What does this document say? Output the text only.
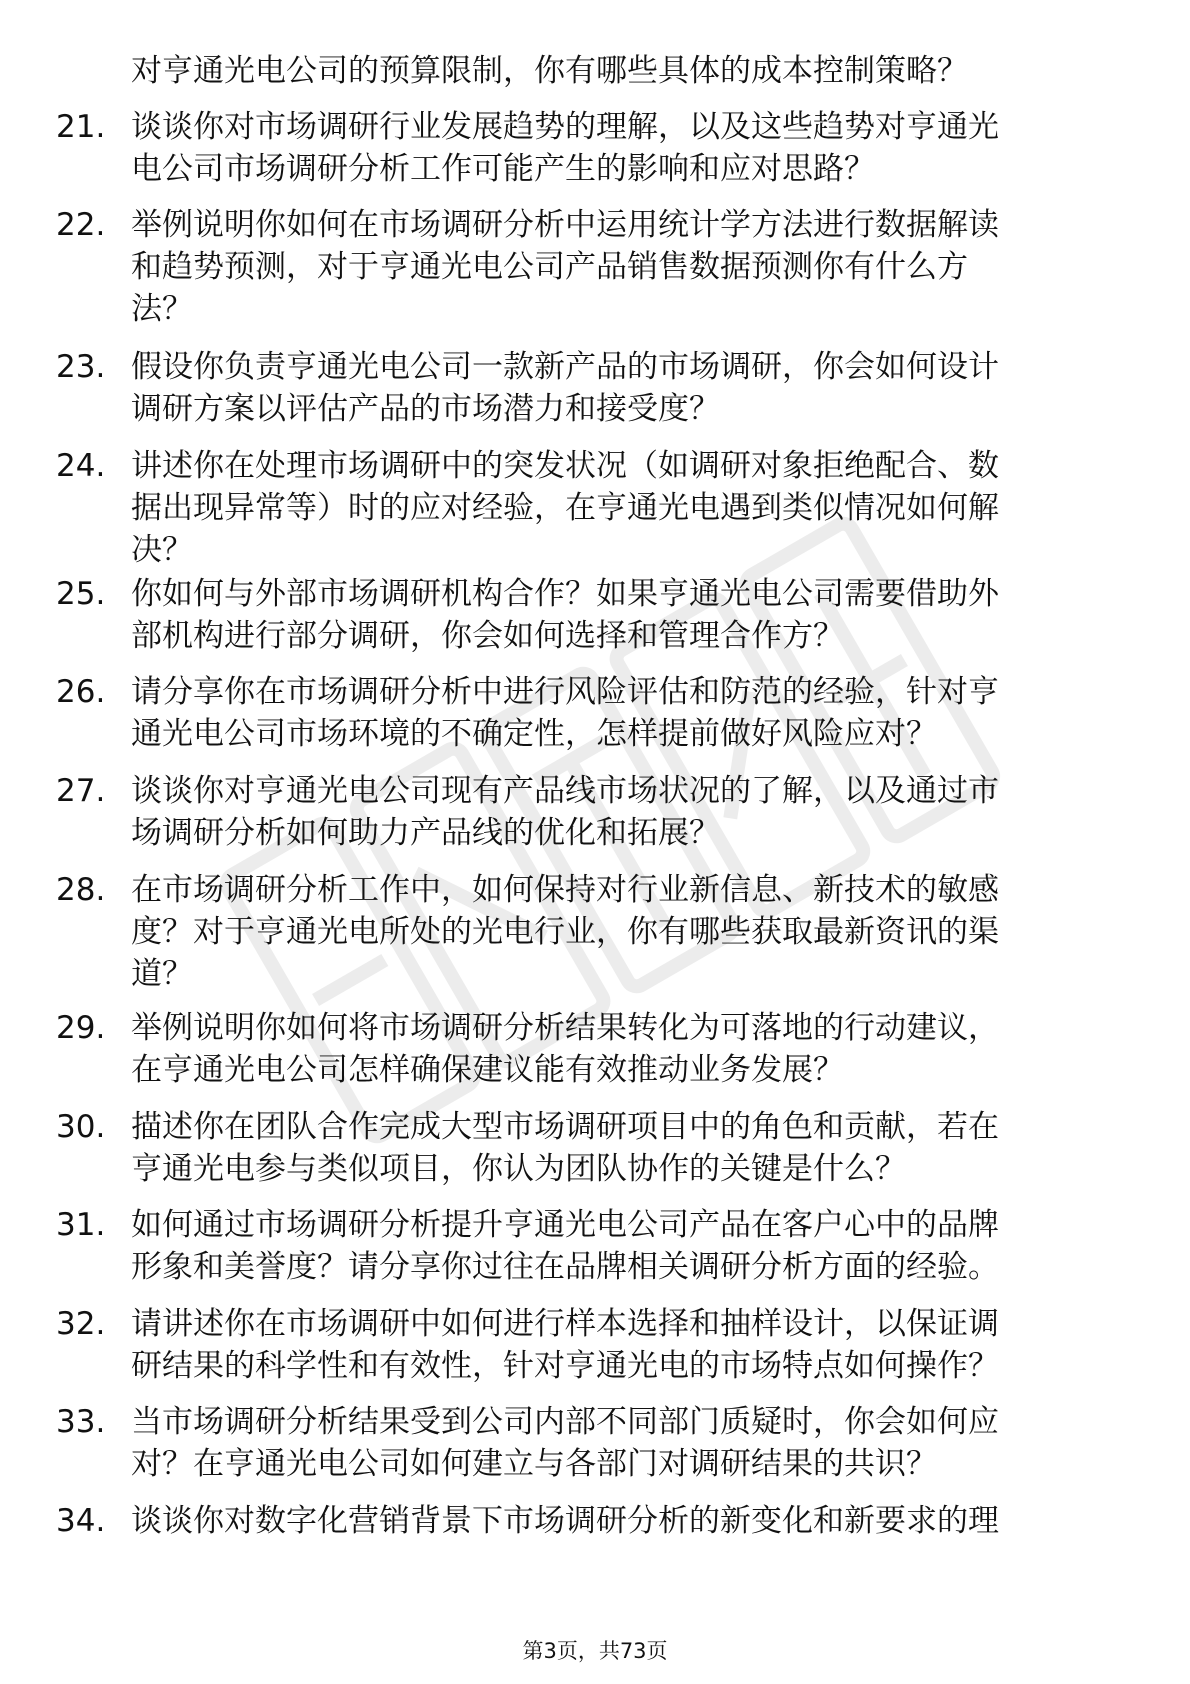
对亨通光电公司的预算限制，你有哪些具体的成本控制策略？
21. 谈谈你对市场调研行业发展趋势的理解，以及这些趋势对亨通光
电公司市场调研分析工作可能产生的影响和应对思路？
22. 举例说明你如何在市场调研分析中运用统计学方法进行数据解读
和趋势预测，对于亨通光电公司产品销售数据预测你有什么方
法？
23. 假设你负责亨通光电公司一款新产品的市场调研，你会如何设计
调研方案以评估产品的市场潜力和接受度？
24. 讲述你在处理市场调研中的突发状况（如调研对象拒绝配合、数
据出现异常等）时的应对经验，在亨通光电遇到类似情况如何解
决？
25. 你如何与外部市场调研机构合作？如果亨通光电公司需要借助外
部机构进行部分调研，你会如何选择和管理合作方？
26. 请分享你在市场调研分析中进行风险评估和防范的经验，针对亨
通光电公司市场环境的不确定性，怎样提前做好风险应对？
27. 谈谈你对亨通光电公司现有产品线市场状况的了解，以及通过市
场调研分析如何助力产品线的优化和拓展？
28. 在市场调研分析工作中，如何保持对行业新信息、新技术的敏感
度？对于亨通光电所处的光电行业，你有哪些获取最新资讯的渠
道？
29. 举例说明你如何将市场调研分析结果转化为可落地的行动建议，
在亨通光电公司怎样确保建议能有效推动业务发展？
30. 描述你在团队合作完成大型市场调研项目中的角色和贡献，若在
亨通光电参与类似项目，你认为团队协作的关键是什么？
31. 如何通过市场调研分析提升亨通光电公司产品在客户心中的品牌
形象和美誉度？请分享你过往在品牌相关调研分析方面的经验。
32. 请讲述你在市场调研中如何进行样本选择和抽样设计，以保证调
研结果的科学性和有效性，针对亨通光电的市场特点如何操作？
33. 当市场调研分析结果受到公司内部不同部门质疑时，你会如何应
对？在亨通光电公司如何建立与各部门对调研结果的共识？
34. 谈谈你对数字化营销背景下市场调研分析的新变化和新要求的理
第3页，共73页
